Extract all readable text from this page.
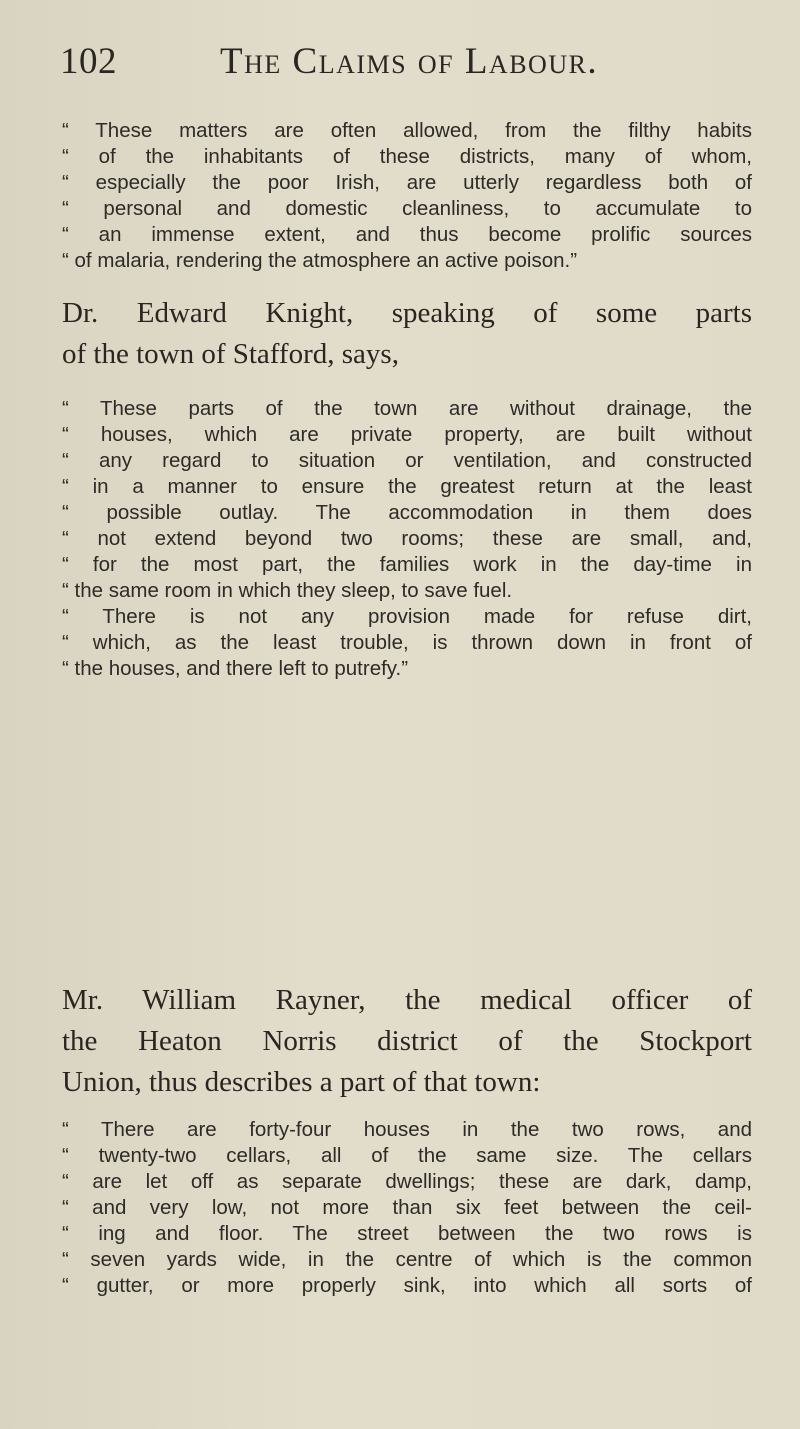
102	The Claims of Labour.
“ These matters are often allowed, from the filthy habits
“ of the inhabitants of these districts, many of whom,
“ especially the poor Irish, are utterly regardless both of
“ personal and domestic cleanliness, to accumulate to
“ an immense extent, and thus become prolific sources
“ of malaria, rendering the atmosphere an active poison.”
Dr. Edward Knight, speaking of some parts
of the town of Stafford, says,
“ These parts of the town are without drainage, the
“ houses, which are private property, are built without
“ any regard to situation or ventilation, and constructed
“ in a manner to ensure the greatest return at the least
“ possible outlay. The accommodation in them does
“ not extend beyond two rooms; these are small, and,
“ for the most part, the families work in the day-time in
“ the same room in which they sleep, to save fuel.
“ There is not any provision made for refuse dirt,
“ which, as the least trouble, is thrown down in front of
“ the houses, and there left to putrefy.”
Mr. William Rayner, the medical officer of
the Heaton Norris district of the Stockport
Union, thus describes a part of that town:
“ There are forty-four houses in the two rows, and
“ twenty-two cellars, all of the same size. The cellars
“ are let off as separate dwellings; these are dark, damp,
“ and very low, not more than six feet between the ceil-
“ ing and floor. The street between the two rows is
“ seven yards wide, in the centre of which is the common
“ gutter, or more properly sink, into which all sorts of
